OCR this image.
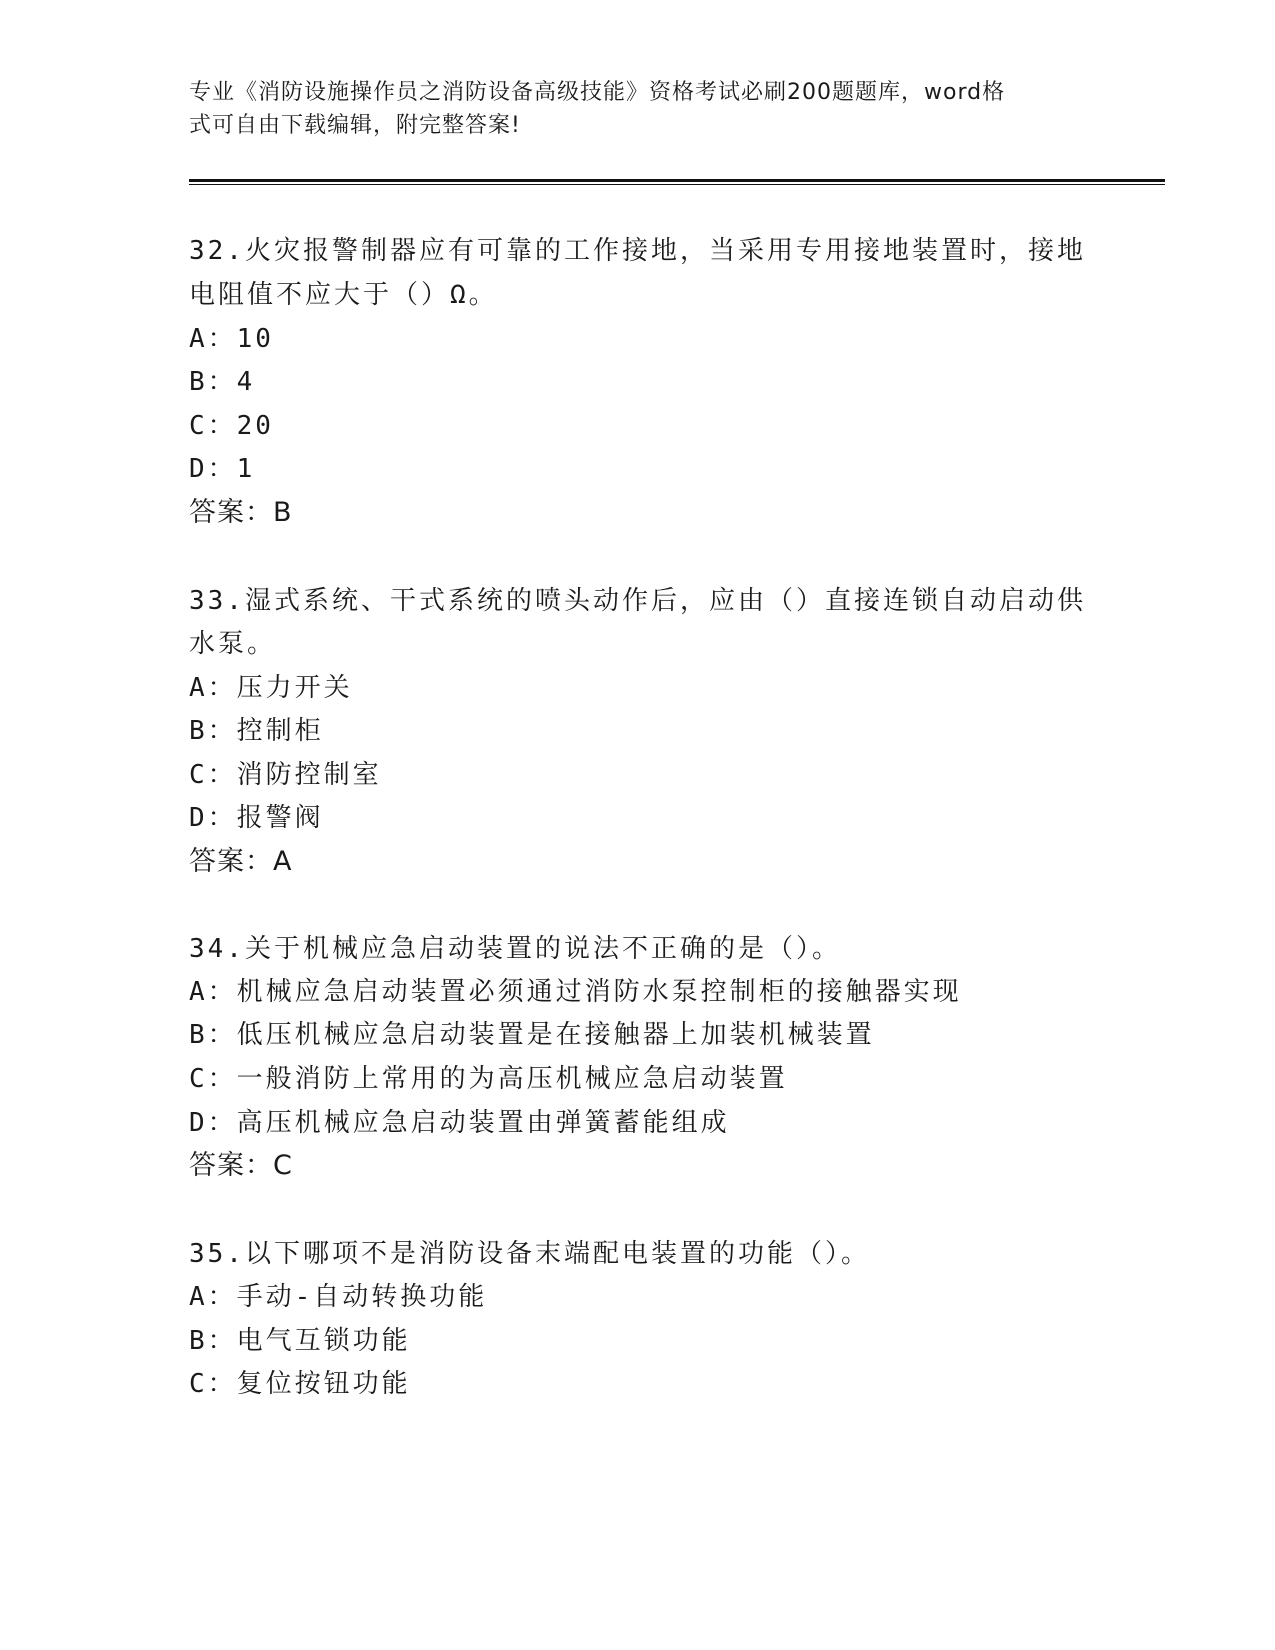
专业《消防设施操作员之消防设备高级技能》资格考试必刷200题题库，word格
式可自由下载编辑，附完整答案!
32.火灾报警制器应有可靠的工作接地，当采用专用接地装置时，接地
电阻值不应大于（）Ω。
A：10
B：4
C：20
D：1
答案：B
33.湿式系统、干式系统的喷头动作后，应由（）直接连锁自动启动供
水泵。
A：压力开关
B：控制柜
C：消防控制室
D：报警阀
答案：A
34.关于机械应急启动装置的说法不正确的是（）。
A：机械应急启动装置必须通过消防水泵控制柜的接触器实现
B：低压机械应急启动装置是在接触器上加装机械装置
C：一般消防上常用的为高压机械应急启动装置
D：高压机械应急启动装置由弹簧蓄能组成
答案：C
35.以下哪项不是消防设备末端配电装置的功能（）。
A：手动-自动转换功能
B：电气互锁功能
C：复位按钮功能
